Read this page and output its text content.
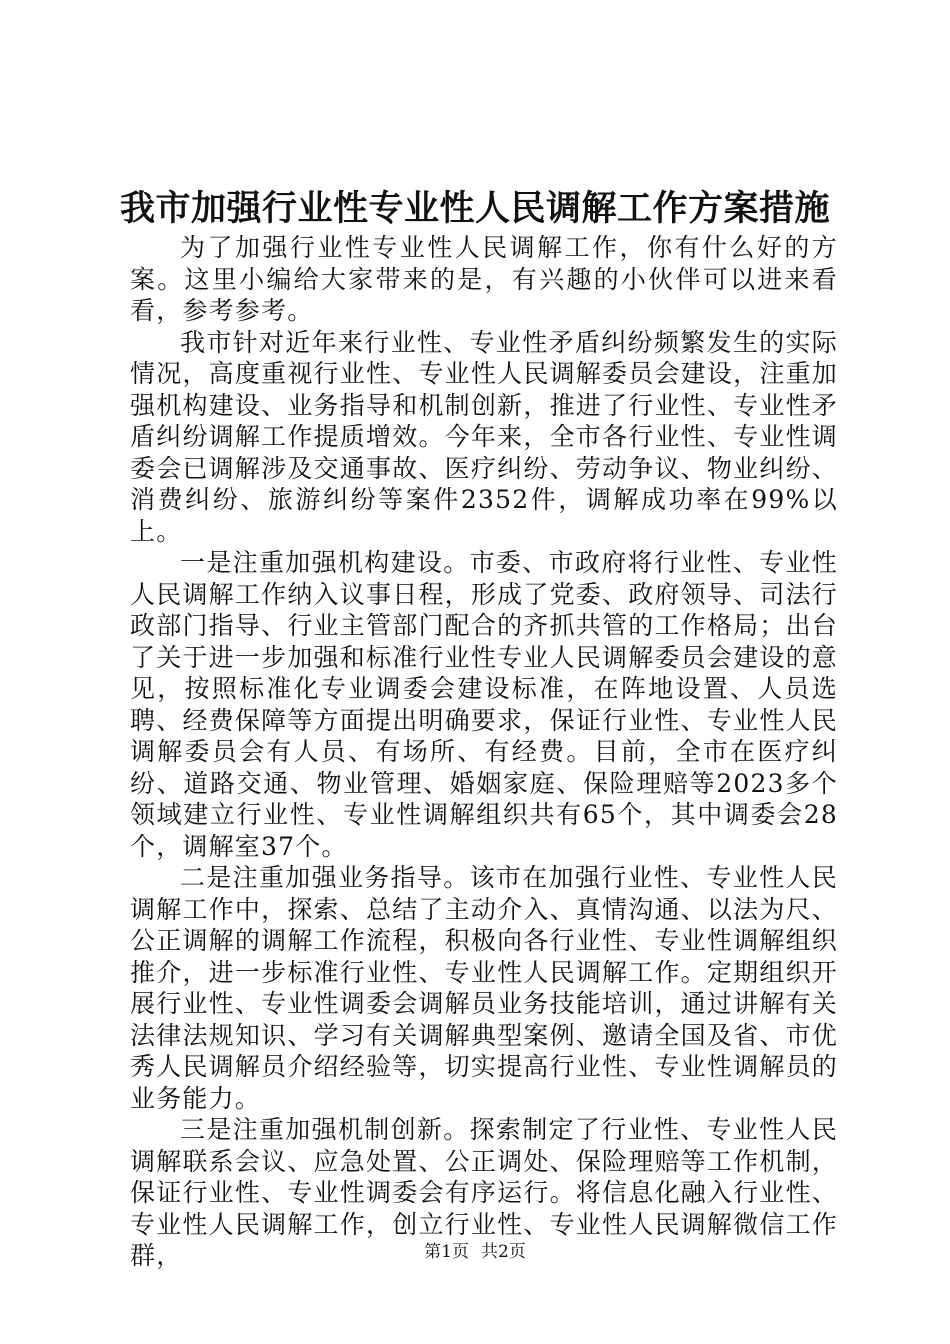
我市加强行业性专业性人民调解工作方案措施

为了加强行业性专业性人民调解工作，你有什么好的方案。这里小编给大家带来的是，有兴趣的小伙伴可以进来看看，参考参考。

我市针对近年来行业性、专业性矛盾纠纷频繁发生的实际情况，高度重视行业性、专业性人民调解委员会建设，注重加强机构建设、业务指导和机制创新，推进了行业性、专业性矛盾纠纷调解工作提质增效。今年来，全市各行业性、专业性调委会已调解涉及交通事故、医疗纠纷、劳动争议、物业纠纷、消费纠纷、旅游纠纷等案件2352件，调解成功率在99%以上。

一是注重加强机构建设。市委、市政府将行业性、专业性人民调解工作纳入议事日程，形成了党委、政府领导、司法行政部门指导、行业主管部门配合的齐抓共管的工作格局；出台了关于进一步加强和标准行业性专业人民调解委员会建设的意见，按照标准化专业调委会建设标准，在阵地设置、人员选聘、经费保障等方面提出明确要求，保证行业性、专业性人民调解委员会有人员、有场所、有经费。目前，全市在医疗纠纷、道路交通、物业管理、婚姻家庭、保险理赔等2023多个领域建立行业性、专业性调解组织共有65个，其中调委会28个，调解室37个。

二是注重加强业务指导。该市在加强行业性、专业性人民调解工作中，探索、总结了主动介入、真情沟通、以法为尺、公正调解的调解工作流程，积极向各行业性、专业性调解组织推介，进一步标准行业性、专业性人民调解工作。定期组织开展行业性、专业性调委会调解员业务技能培训，通过讲解有关法律法规知识、学习有关调解典型案例、邀请全国及省、市优秀人民调解员介绍经验等，切实提高行业性、专业性调解员的业务能力。

三是注重加强机制创新。探索制定了行业性、专业性人民调解联系会议、应急处置、公正调处、保险理赔等工作机制，保证行业性、专业性调委会有序运行。将信息化融入行业性、专业性人民调解工作，创立行业性、专业性人民调解微信工作群，	第1页 共2页
